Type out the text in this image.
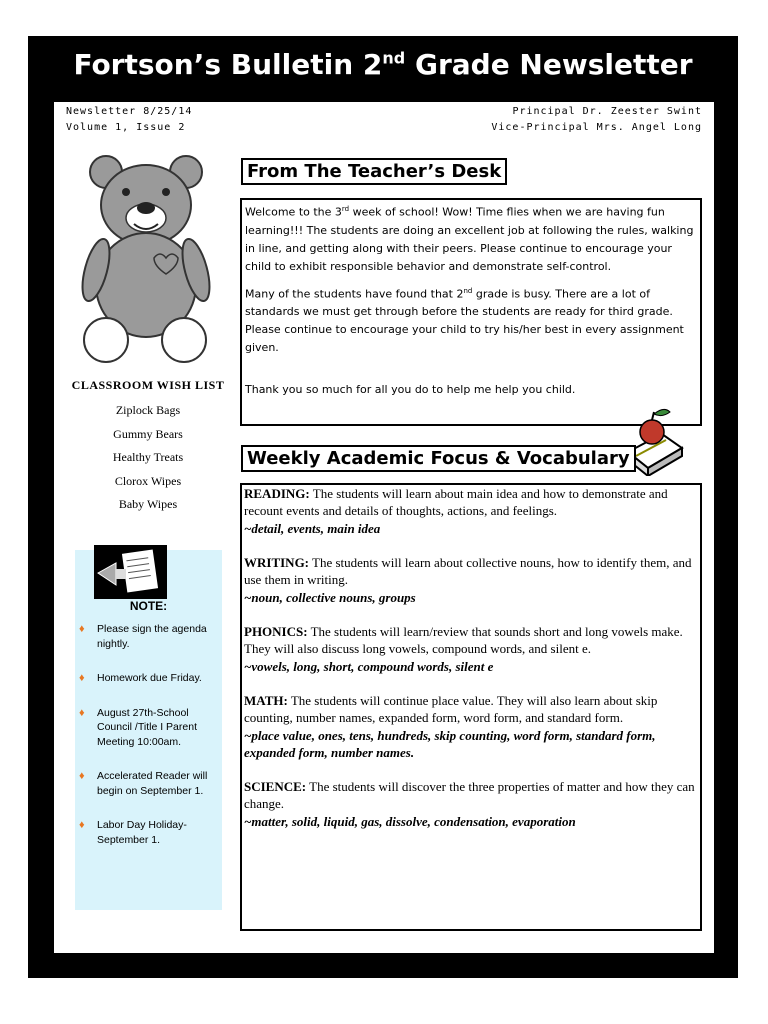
Fortson’s Bulletin 2nd Grade Newsletter
Newsletter 8/25/14
Volume 1, Issue 2
Principal Dr. Zeester Swint
Vice-Principal Mrs. Angel Long
CLASSROOM WISH LIST
Ziplock Bags
Gummy Bears
Healthy Treats
Clorox Wipes
Baby Wipes
NOTE:
♦ Please sign the agenda nightly.
♦ Homework due Friday.
♦ August 27th-School Council /Title I Parent Meeting 10:00am.
♦ Accelerated Reader will begin on September 1.
♦ Labor Day Holiday-September 1.
From The Teacher’s Desk

Welcome to the 3rd week of school! Wow! Time flies when we are having fun learning!!! The students are doing an excellent job at following the rules, walking in line, and getting along with their peers. Please continue to encourage your child to exhibit responsible behavior and demonstrate self-control.

Many of the students have found that 2nd grade is busy. There are a lot of standards we must get through before the students are ready for third grade. Please continue to encourage your child to try his/her best in every assignment given.

Thank you so much for all you do to help me help you child.

Weekly Academic Focus & Vocabulary

READING: The students will learn about main idea and how to demonstrate and recount events and details of thoughts, actions, and feelings.
~detail, events, main idea

WRITING: The students will learn about collective nouns, how to identify them, and use them in writing.
~noun, collective nouns, groups

PHONICS: The students will learn/review that sounds short and long vowels make. They will also discuss long vowels, compound words, and silent e.
~vowels, long, short, compound words, silent e

MATH: The students will continue place value. They will also learn about skip counting, number names, expanded form, word form, and standard form.
~place value, ones, tens, hundreds, skip counting, word form, standard form, expanded form, number names.

SCIENCE: The students will discover the three properties of matter and how they can change.
~matter, solid, liquid, gas, dissolve, condensation, evaporation
